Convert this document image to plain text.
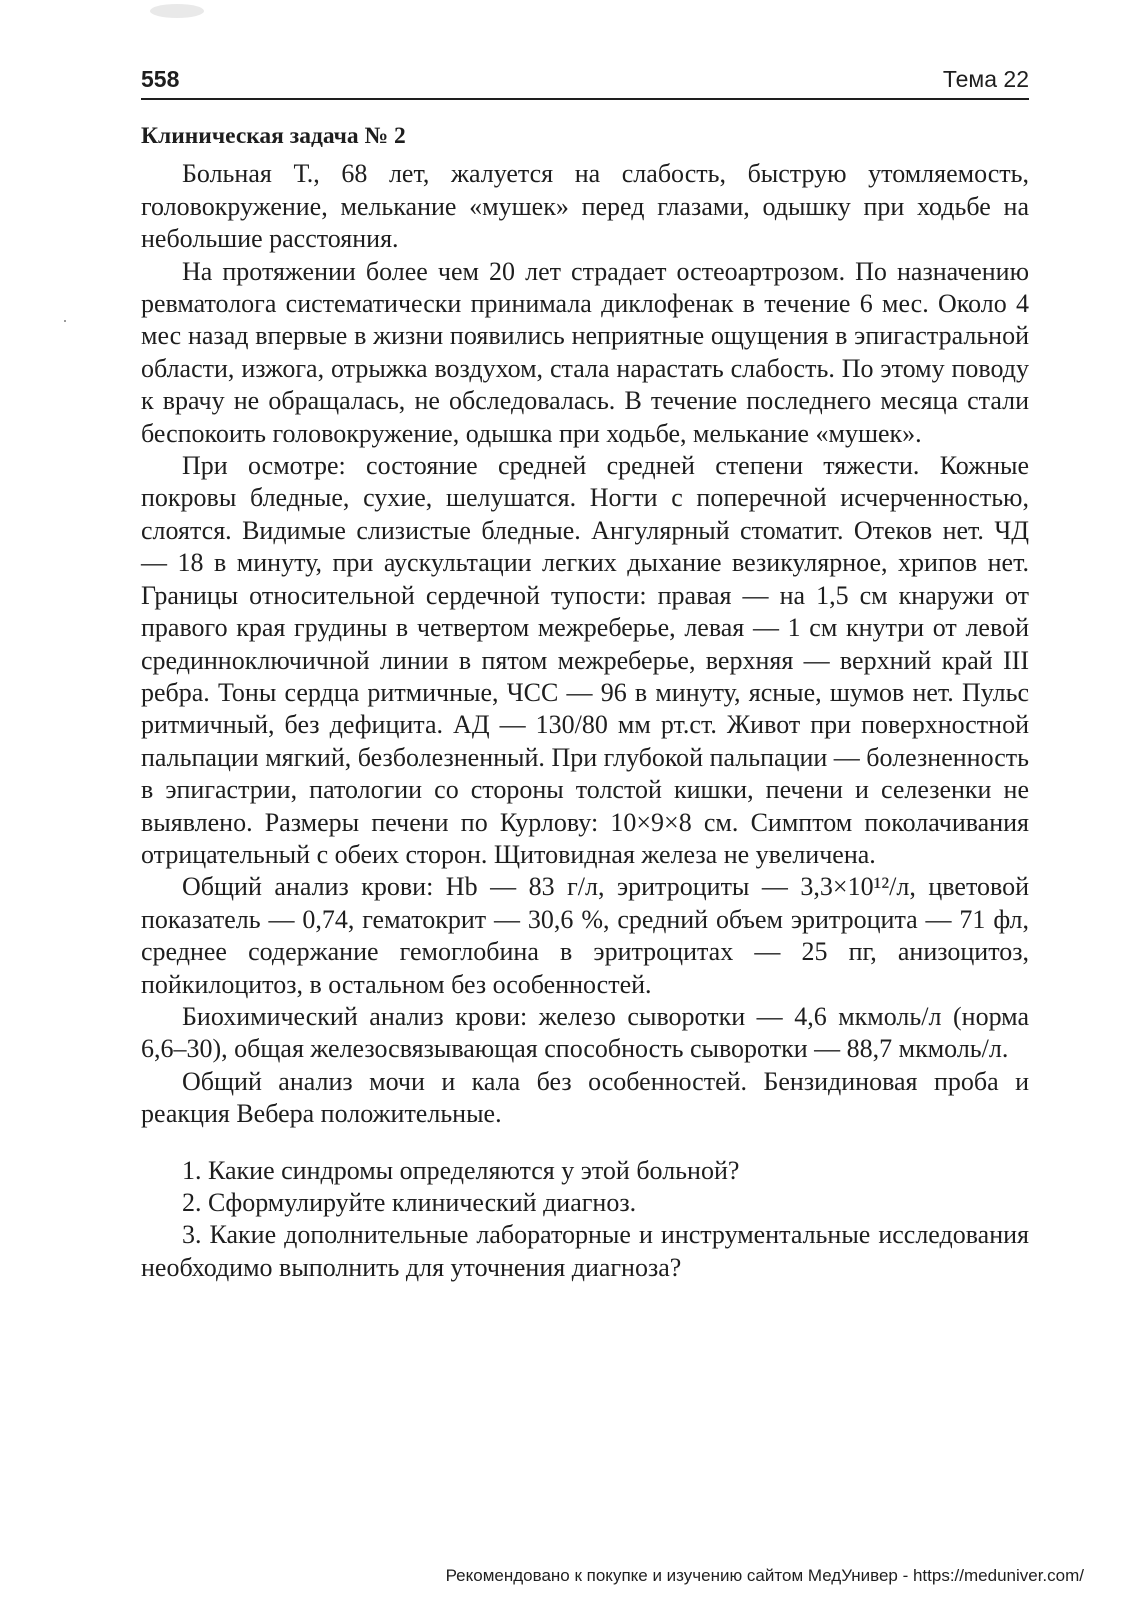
558	Тема 22
Клиническая задача № 2

Больная Т., 68 лет, жалуется на слабость, быструю утомляемость, головокружение, мелькание «мушек» перед глазами, одышку при ходьбе на небольшие расстояния.

На протяжении более чем 20 лет страдает остеоартрозом. По назначению ревматолога систематически принимала диклофенак в течение 6 мес. Около 4 мес назад впервые в жизни появились неприятные ощущения в эпигастральной области, изжога, отрыжка воздухом, стала нарастать слабость. По этому поводу к врачу не обращалась, не обследовалась. В течение последнего месяца стали беспокоить головокружение, одышка при ходьбе, мелькание «мушек».

При осмотре: состояние средней средней степени тяжести. Кожные покровы бледные, сухие, шелушатся. Ногти с поперечной исчерченностью, слоятся. Видимые слизистые бледные. Ангулярный стоматит. Отеков нет. ЧД — 18 в минуту, при аускультации легких дыхание везикулярное, хрипов нет. Границы относительной сердечной тупости: правая — на 1,5 см кнаружи от правого края грудины в четвертом межреберье, левая — 1 см кнутри от левой срединноключичной линии в пятом межреберье, верхняя — верхний край III ребра. Тоны сердца ритмичные, ЧСС — 96 в минуту, ясные, шумов нет. Пульс ритмичный, без дефицита. АД — 130/80 мм рт.ст. Живот при поверхностной пальпации мягкий, безболезненный. При глубокой пальпации — болезненность в эпигастрии, патологии со стороны толстой кишки, печени и селезенки не выявлено. Размеры печени по Курлову: 10×9×8 см. Симптом поколачивания отрицательный с обеих сторон. Щитовидная железа не увеличена.

Общий анализ крови: Hb — 83 г/л, эритроциты — 3,3×10¹²/л, цветовой показатель — 0,74, гематокрит — 30,6 %, средний объем эритроцита — 71 фл, среднее содержание гемоглобина в эритроцитах — 25 пг, анизоцитоз, пойкилоцитоз, в остальном без особенностей.

Биохимический анализ крови: железо сыворотки — 4,6 мкмоль/л (норма 6,6–30), общая железосвязывающая способность сыворотки — 88,7 мкмоль/л.

Общий анализ мочи и кала без особенностей. Бензидиновая проба и реакция Вебера положительные.

1. Какие синдромы определяются у этой больной?

2. Сформулируйте клинический диагноз.

3. Какие дополнительные лабораторные и инструментальные исследования необходимо выполнить для уточнения диагноза?

Рекомендовано к покупке и изучению сайтом МедУнивер - https://meduniver.com/
